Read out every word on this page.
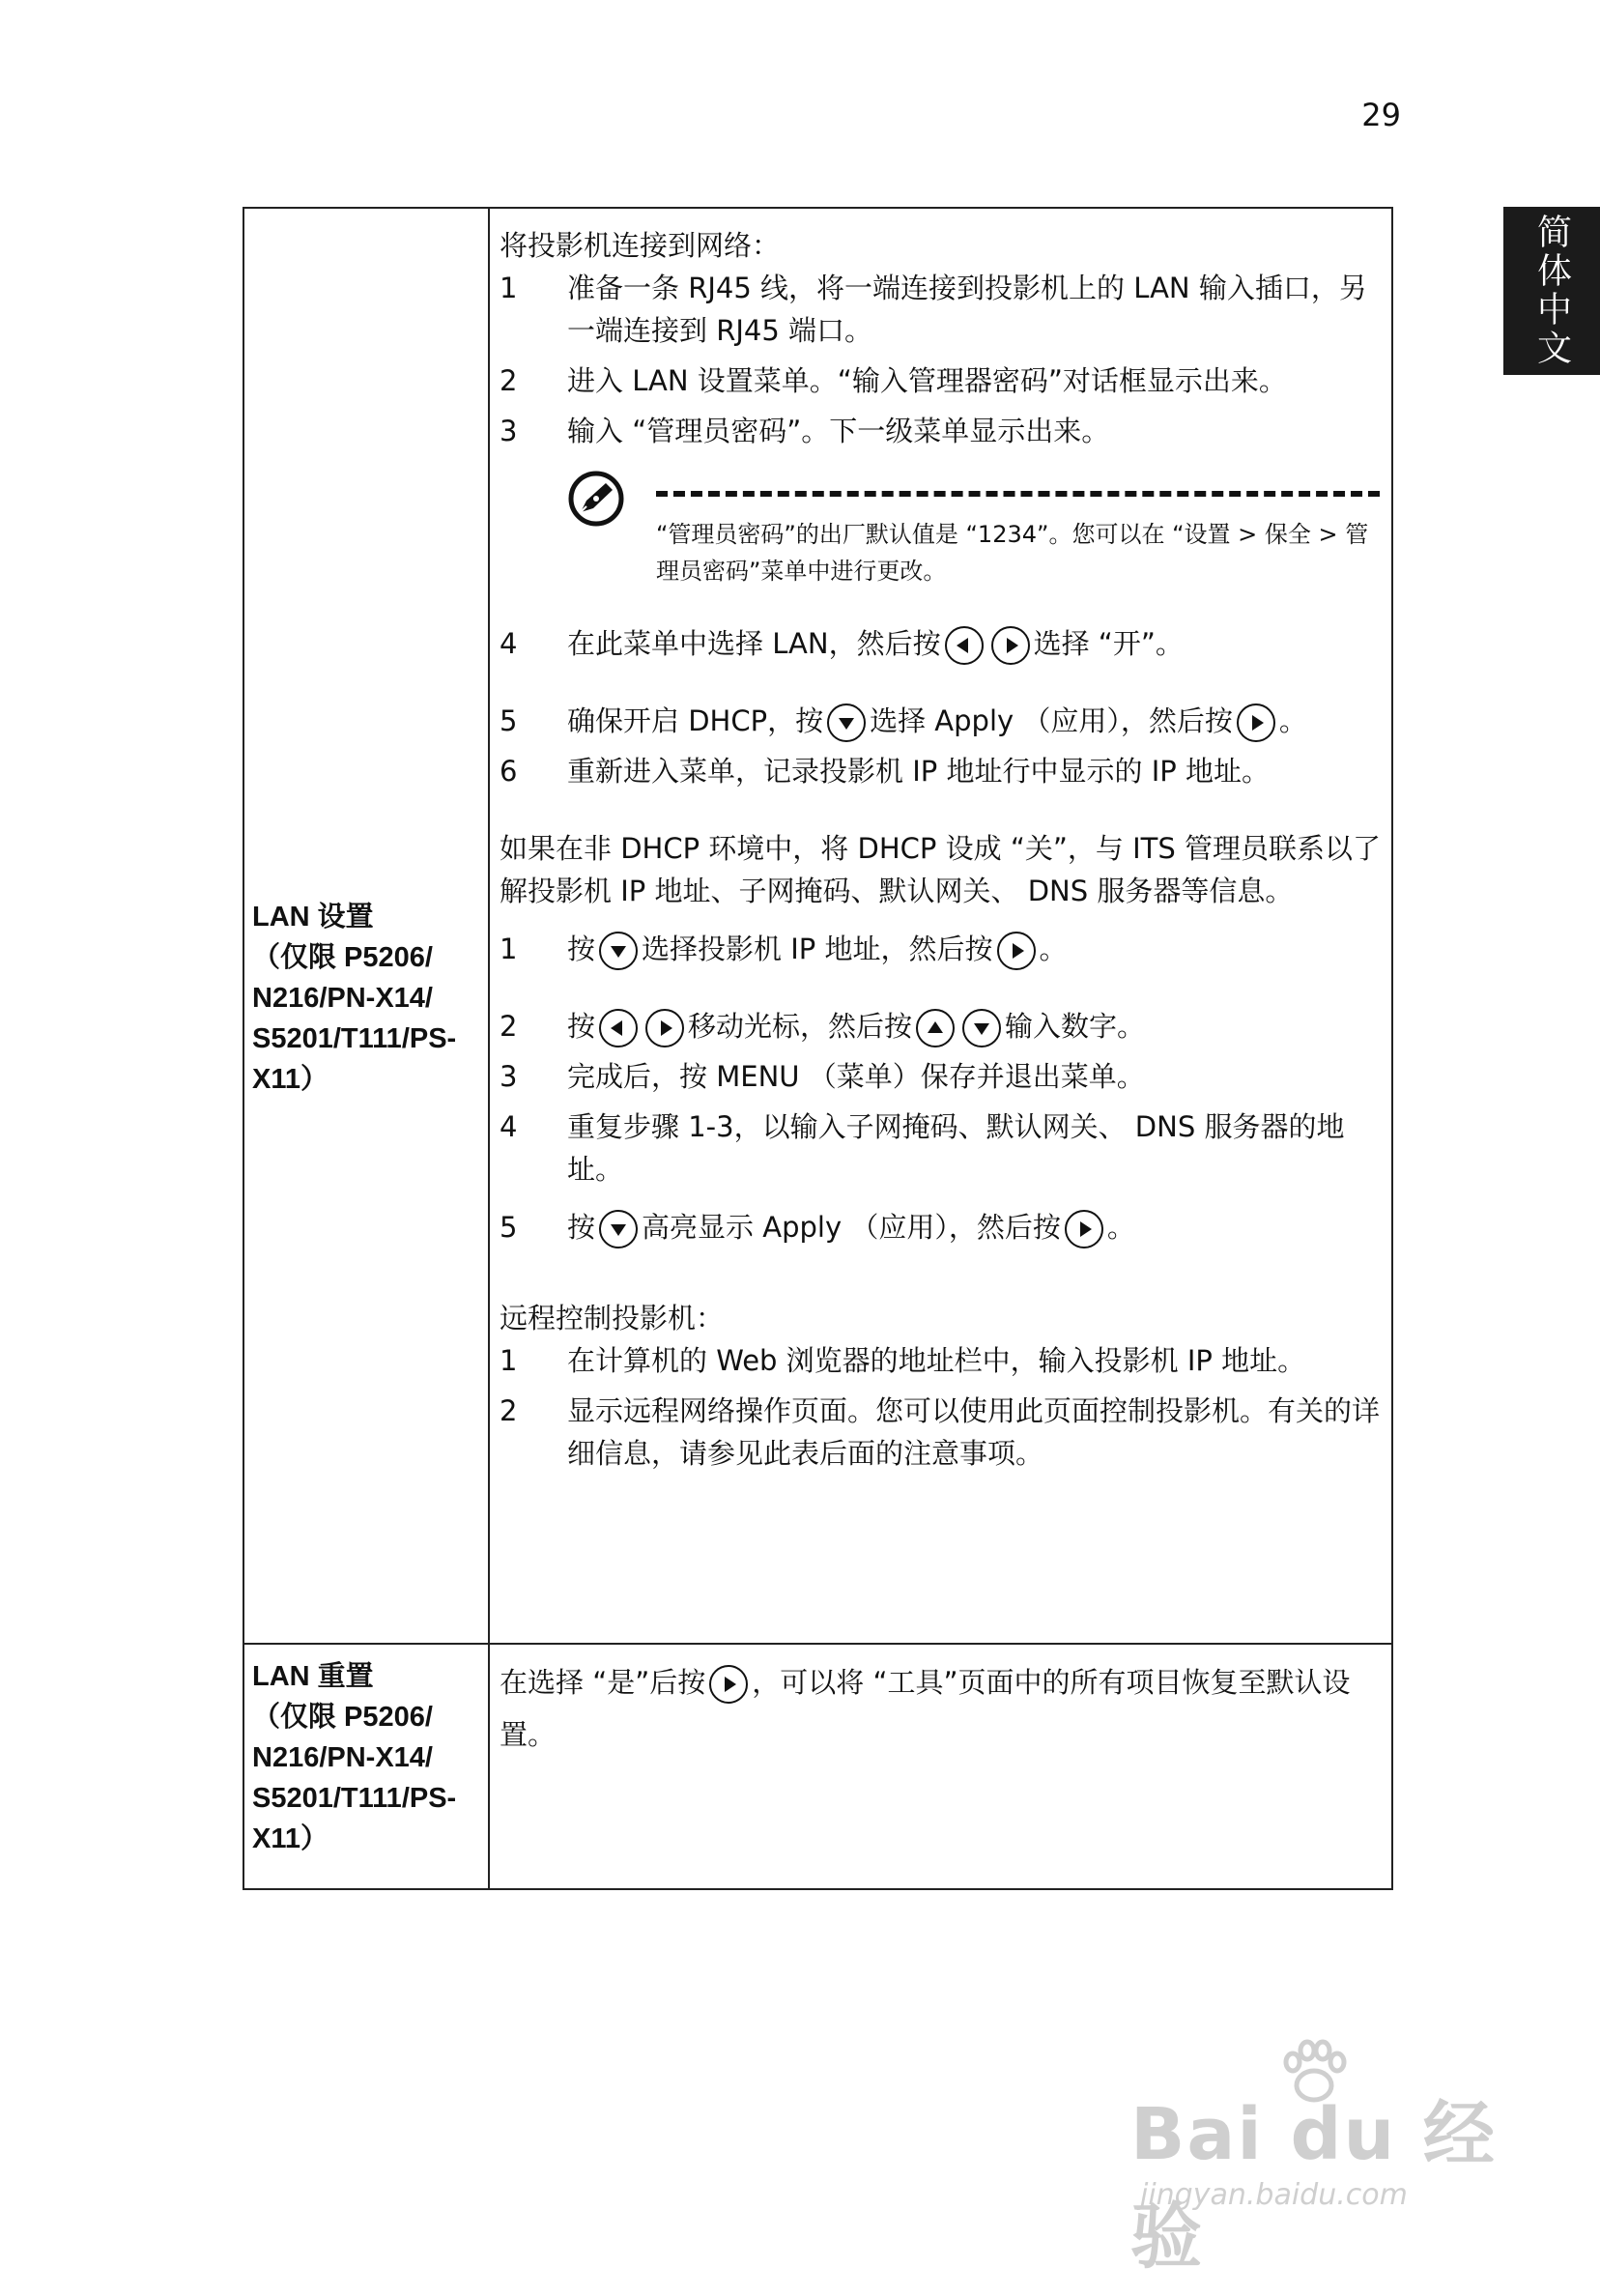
29
简体中文
LAN 设置
（仅限 P5206/
N216/PN-X14/
S5201/T111/PS-
X11）

将投影机连接到网络：

1	准备一条 RJ45 线，将一端连接到投影机上的 LAN 输入插口，另一端连接到 RJ45 端口。
2	进入 LAN 设置菜单。“输入管理器密码”对话框显示出来。
3	输入 “管理员密码”。下一级菜单显示出来。
“管理员密码”的出厂默认值是 “1234”。您可以在 “设置 > 保全 > 管理员密码”菜单中进行更改。
4	在此菜单中选择 LAN，然后按	选择 “开”。
5	确保开启 DHCP，按 选择 Apply （应用），然后按 。
6	重新进入菜单，记录投影机 IP 地址行中显示的 IP 地址。

如果在非 DHCP 环境中，将 DHCP 设成 “关”，与 ITS 管理员联系以了解投影机 IP 地址、子网掩码、默认网关、 DNS 服务器等信息。

1	按 选择投影机 IP 地址，然后按 。
2	按	移动光标，然后按	输入数字。
3	完成后，按 MENU （菜单）保存并退出菜单。
4	重复步骤 1-3，以输入子网掩码、默认网关、 DNS 服务器的地址。
5	按 高亮显示 Apply （应用），然后按 。

远程控制投影机：

1	在计算机的 Web 浏览器的地址栏中，输入投影机 IP 地址。
2	显示远程网络操作页面。您可以使用此页面控制投影机。有关的详细信息，请参见此表后面的注意事项。
LAN 重置
（仅限 P5206/
N216/PN-X14/
S5201/T111/PS-
X11）

在选择 “是”后按 ，可以将 “工具”页面中的所有项目恢复至默认设置。

Bai du 经验
jingyan.baidu.com
